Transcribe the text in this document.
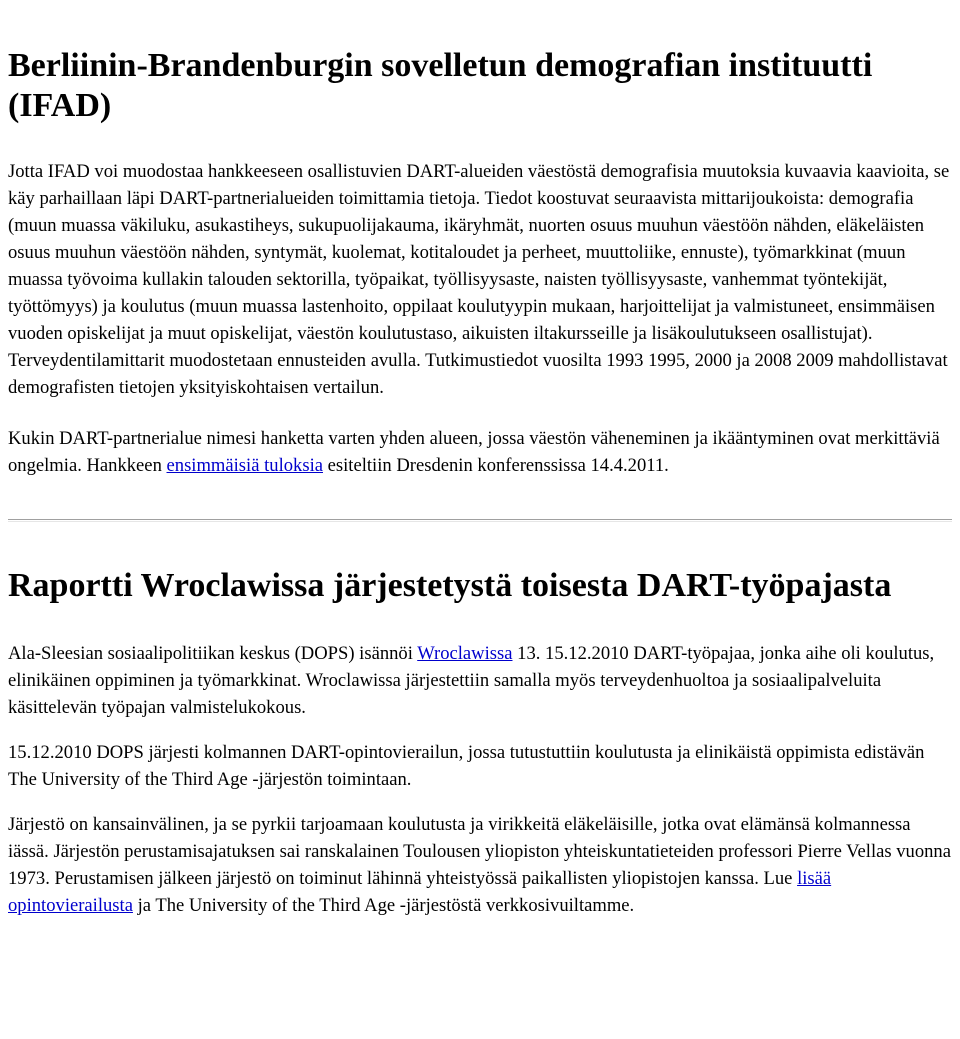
Berliinin-Brandenburgin sovelletun demografian instituutti (IFAD)

Jotta IFAD voi muodostaa hankkeeseen osallistuvien DART-alueiden väestöstä demografisia muutoksia kuvaavia kaavioita, se käy parhaillaan läpi DART-partnerialueiden toimittamia tietoja. Tiedot koostuvat seuraavista mittarijoukoista: demografia (muun muassa väkiluku, asukastiheys, sukupuolijakauma, ikäryhmät, nuorten osuus muuhun väestöön nähden, eläkeläisten osuus muuhun väestöön nähden, syntymät, kuolemat, kotitaloudet ja perheet, muuttoliike, ennuste), työmarkkinat (muun muassa työvoima kullakin talouden sektorilla, työpaikat, työllisyysaste, naisten työllisyysaste, vanhemmat työntekijät, työttömyys) ja koulutus (muun muassa lastenhoito, oppilaat koulutyypin mukaan, harjoittelijat ja valmistuneet, ensimmäisen vuoden opiskelijat ja muut opiskelijat, väestön koulutustaso, aikuisten iltakursseille ja lisäkoulutukseen osallistujat). Terveydentilamittarit muodostetaan ennusteiden avulla. Tutkimustiedot vuosilta 1993 1995, 2000 ja 2008 2009 mahdollistavat demografisten tietojen yksityiskohtaisen vertailun.

Kukin DART-partnerialue nimesi hanketta varten yhden alueen, jossa väestön väheneminen ja ikääntyminen ovat merkittäviä ongelmia. Hankkeen ensimmäisiä tuloksia esiteltiin Dresdenin konferenssissa 14.4.2011.

Raportti Wroclawissa järjestetystä toisesta DART-työpajasta

Ala-Sleesian sosiaalipolitiikan keskus (DOPS) isännöi Wroclawissa 13. 15.12.2010 DART-työpajaa, jonka aihe oli koulutus, elinikäinen oppiminen ja työmarkkinat. Wroclawissa järjestettiin samalla myös terveydenhuoltoa ja sosiaalipalveluita käsittelevän työpajan valmistelukokous.

15.12.2010 DOPS järjesti kolmannen DART-opintovierailun, jossa tutustuttiin koulutusta ja elinikäistä oppimista edistävän The University of the Third Age -järjestön toimintaan.

Järjestö on kansainvälinen, ja se pyrkii tarjoamaan koulutusta ja virikkeitä eläkeläisille, jotka ovat elämänsä kolmannessa iässä. Järjestön perustamisajatuksen sai ranskalainen Toulousen yliopiston yhteiskuntatieteiden professori Pierre Vellas vuonna 1973. Perustamisen jälkeen järjestö on toiminut lähinnä yhteistyössä paikallisten yliopistojen kanssa. Lue lisää opintovierailusta ja The University of the Third Age -järjestöstä verkkosivuiltamme.
